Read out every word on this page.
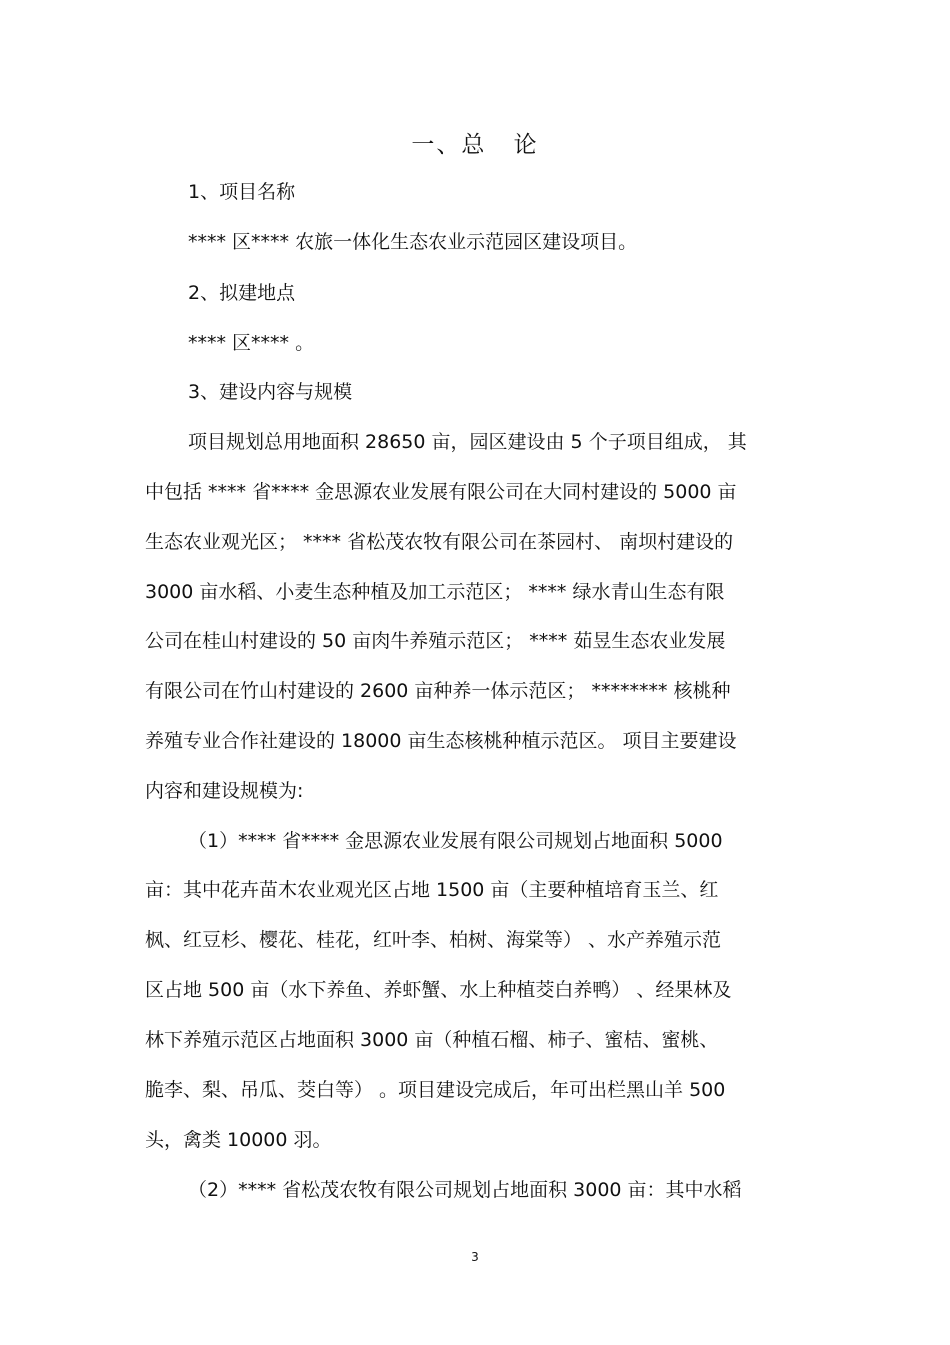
一、总 论
1、项目名称
**** 区**** 农旅一体化生态农业示范园区建设项目。
2、拟建地点
**** 区**** 。
3、建设内容与规模
项目规划总用地面积 28650 亩，园区建设由 5 个子项目组成， 其
中包括 **** 省**** 金思源农业发展有限公司在大同村建设的 5000 亩
生态农业观光区； **** 省松茂农牧有限公司在茶园村、 南坝村建设的
3000 亩水稻、小麦生态种植及加工示范区； **** 绿水青山生态有限
公司在桂山村建设的 50 亩肉牛养殖示范区； **** 茹昱生态农业发展
有限公司在竹山村建设的 2600 亩种养一体示范区； ******** 核桃种
养殖专业合作社建设的 18000 亩生态核桃种植示范区。 项目主要建设
内容和建设规模为:
（1）**** 省**** 金思源农业发展有限公司规划占地面积 5000
亩：其中花卉苗木农业观光区占地 1500 亩（主要种植培育玉兰、红
枫、红豆杉、樱花、桂花，红叶李、柏树、海棠等） 、水产养殖示范
区占地 500 亩（水下养鱼、养虾蟹、水上种植茭白养鸭） 、经果林及
林下养殖示范区占地面积 3000 亩（种植石榴、柿子、蜜桔、蜜桃、
脆李、梨、吊瓜、茭白等） 。项目建设完成后，年可出栏黑山羊 500
头，禽类 10000 羽。
（2）**** 省松茂农牧有限公司规划占地面积 3000 亩：其中水稻
3
